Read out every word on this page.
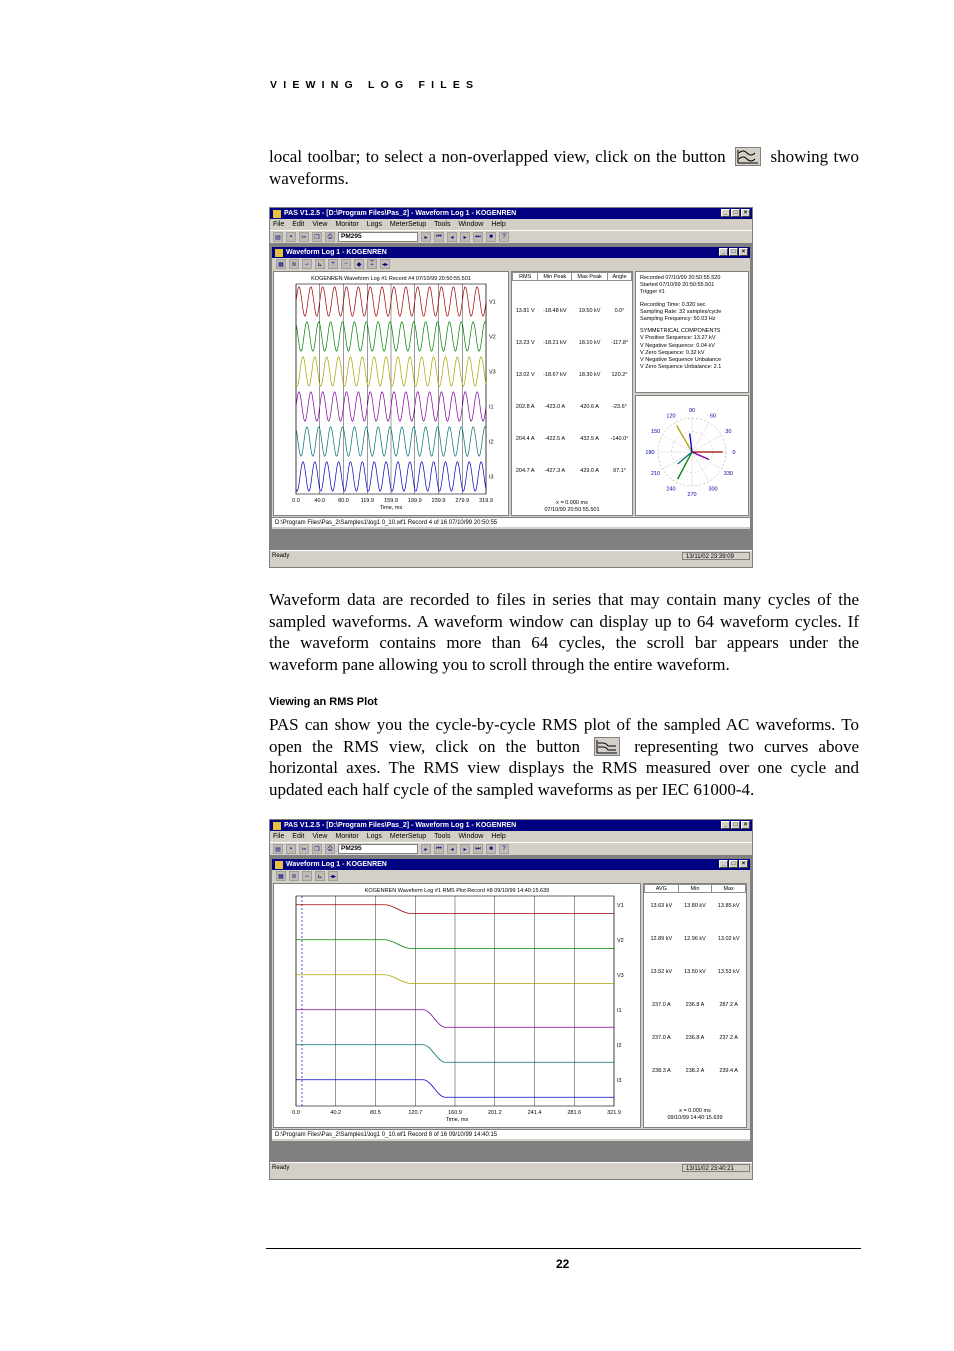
VIEWING LOG FILES

local toolbar; to select a non-overlapped view, click on the button	showing two waveforms.

PAS V1.2.5 - [D:\Program Files\Pas_2] - Waveform Log 1 - KOGENREN	_	□	×
File Edit View Monitor Logs MeterSetup Tools Window Help
▤	▪	✂	❐	⎙	PM295	▸	⏮	◂	▸	⏭	■	?
Waveform Log 1 - KOGENREN	_	□	×
▦	≋	∽	⊾	+	−	◆	⌶	◂▸
KOGENREN Waveform Log #1 Record #4 07/10/99 20:50:55.501
0.0	40.0 80.0 119.9 159.9 199.9 239.9 279.9 319.9
Time, ms
V1
V2
V3
I1
I2
I3
RMS	Min Peak	Max Peak	Angle

13.81 V	-18.48 kV	19.50 kV	0.0°

13.23 V	-18.21 kV	18.10 kV	-117.8°

13.02 V	-18.67 kV	18.30 kV	120.2°

202.8 A	-423.0 A	420.6 A	-23.6°

204.4 A	-422.5 A	432.5 A	-140.0°

204.7 A	-427.3 A	429.0 A	97.1°
x = 0.000 ms
07/10/99 20:50:55.501
Recorded 07/10/99 20:50:55.520
Started 07/10/99 20:50:55.501
Trigger #1
Recording Time: 0.320 sec
Sampling Rate: 32 samples/cycle
Sampling Frequency: 50.03 Hz
SYMMETRICAL COMPONENTS
V Positive Sequence: 13.27 kV
V Negative Sequence: 0.04 kV
V Zero Sequence: 0.32 kV
V Negative Sequence Unbalance
V Zero Sequence Unbalance: 2.1
90
60
30
0
330
300
270
240
210
180
150
120
D:\Program Files\Pas_2\Samples1\log1 0_10.wf1 Record 4 of 16 07/10/99 20:50:55
Ready	13/11/02 23:39:09

Waveform data are recorded to files in series that may contain many cycles of the sampled waveforms. A waveform window can display up to 64 waveform cycles. If the waveform contains more than 64 cycles, the scroll bar appears under the waveform pane allowing you to scroll through the entire waveform.

Viewing an RMS Plot

PAS can show you the cycle-by-cycle RMS plot of the sampled AC waveforms. To open the RMS view, click on the button	representing two curves above horizontal axes. The RMS view displays the RMS measured over one cycle and updated each half cycle of the sampled waveforms as per IEC 61000-4.

PAS V1.2.5 - [D:\Program Files\Pas_2] - Waveform Log 1 - KOGENREN	_	□	×
File Edit View Monitor Logs MeterSetup Tools Window Help
▤	▪	✂	❐	⎙	PM295	▸	⏮	◂	▸	⏭	■	?
Waveform Log 1 - KOGENREN	_	□	×
▦	≋	∽	⊾	◂▸
KOGENREN Waveform Log #1 RMS Plot Record #8 09/10/99 14:40:15.639
0.0	40.2	80.5	120.7	160.9	201.2	241.4	281.6	321.9
Time, ms
V1
V2
V3
I1
I2
I3
AVG	Min	Max

13.63 kV	13.80 kV	13.85 kV

12.89 kV	12.96 kV	13.02 kV

13.52 kV	13.50 kV	13.53 kV

237.0 A	236.8 A	287.2 A

237.0 A	236.8 A	237.2 A

238.3 A	238.2 A	239.4 A
x = 0.000 ms
09/10/99 14:40:15.639
D:\Program Files\Pas_2\Samples1\log1 0_10.wf1 Record 8 of 16 09/10/99 14:40:15
Ready	13/11/02 23:40:21
22
